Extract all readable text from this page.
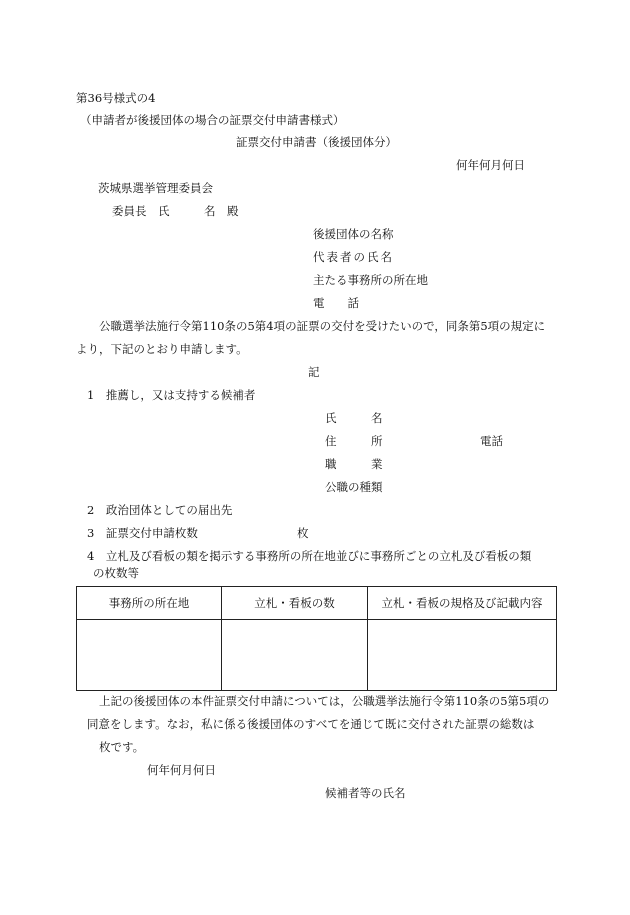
第36号様式の4
（申請者が後援団体の場合の証票交付申請書様式）
証票交付申請書（後援団体分）
何年何月何日
茨城県選挙管理委員会
委員長　氏　　　名　殿
後援団体の名称
代表者の氏名
主たる事務所の所在地
電　　話
公職選挙法施行令第110条の5第4項の証票の交付を受けたいので，同条第5項の規定に
より，下記のとおり申請します。
記
1　推薦し，又は支持する候補者
氏　　　名
住　　　所	電話
職　　　業
公職の種類
2　政治団体としての届出先
3　証票交付申請枚数	枚
4　立札及び看板の類を掲示する事務所の所在地並びに事務所ごとの立札及び看板の類
の枚数等
事務所の所在地	立札・看板の数	立札・看板の規格及び記載内容

上記の後援団体の本件証票交付申請については，公職選挙法施行令第110条の5第5項の
同意をします。なお，私に係る後援団体のすべてを通じて既に交付された証票の総数は
枚です。
何年何月何日
候補者等の氏名
